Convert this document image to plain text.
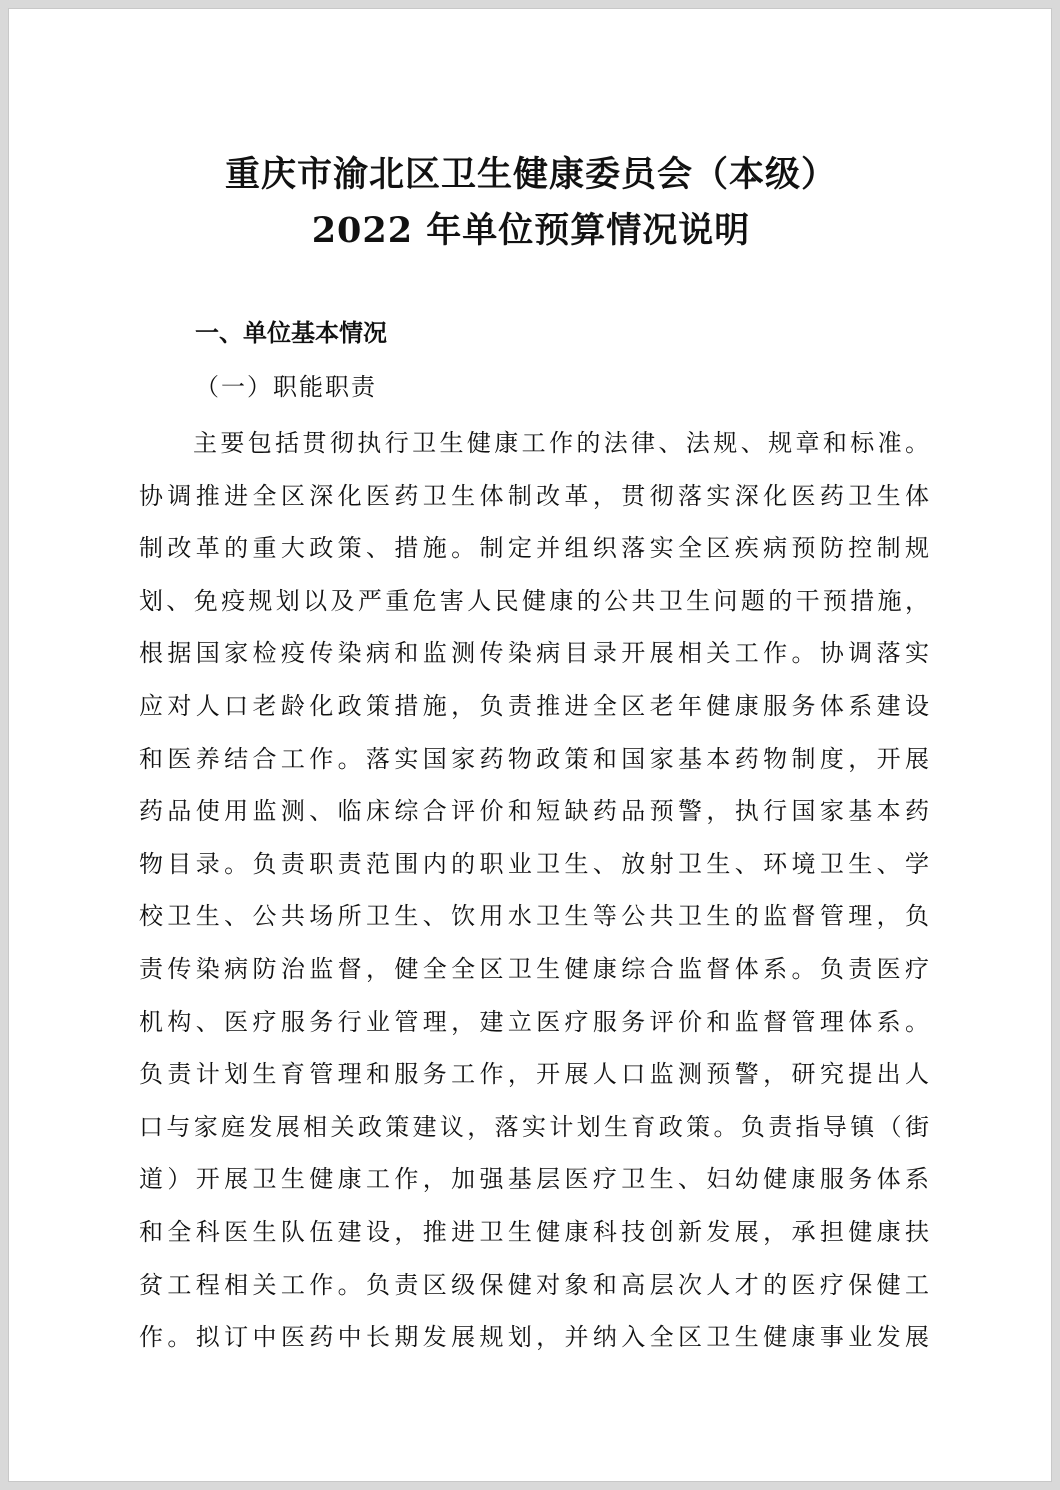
重庆市渝北区卫生健康委员会（本级）
2022 年单位预算情况说明
一、单位基本情况
（一）职能职责
主要包括贯彻执行卫生健康工作的法律、法规、规章和标准。
协调推进全区深化医药卫生体制改革，贯彻落实深化医药卫生体
制改革的重大政策、措施。制定并组织落实全区疾病预防控制规
划、免疫规划以及严重危害人民健康的公共卫生问题的干预措施，
根据国家检疫传染病和监测传染病目录开展相关工作。协调落实
应对人口老龄化政策措施，负责推进全区老年健康服务体系建设
和医养结合工作。落实国家药物政策和国家基本药物制度，开展
药品使用监测、临床综合评价和短缺药品预警，执行国家基本药
物目录。负责职责范围内的职业卫生、放射卫生、环境卫生、学
校卫生、公共场所卫生、饮用水卫生等公共卫生的监督管理，负
责传染病防治监督，健全全区卫生健康综合监督体系。负责医疗
机构、医疗服务行业管理，建立医疗服务评价和监督管理体系。
负责计划生育管理和服务工作，开展人口监测预警，研究提出人
口与家庭发展相关政策建议，落实计划生育政策。负责指导镇（街
道）开展卫生健康工作，加强基层医疗卫生、妇幼健康服务体系
和全科医生队伍建设，推进卫生健康科技创新发展，承担健康扶
贫工程相关工作。负责区级保健对象和高层次人才的医疗保健工
作。拟订中医药中长期发展规划，并纳入全区卫生健康事业发展
